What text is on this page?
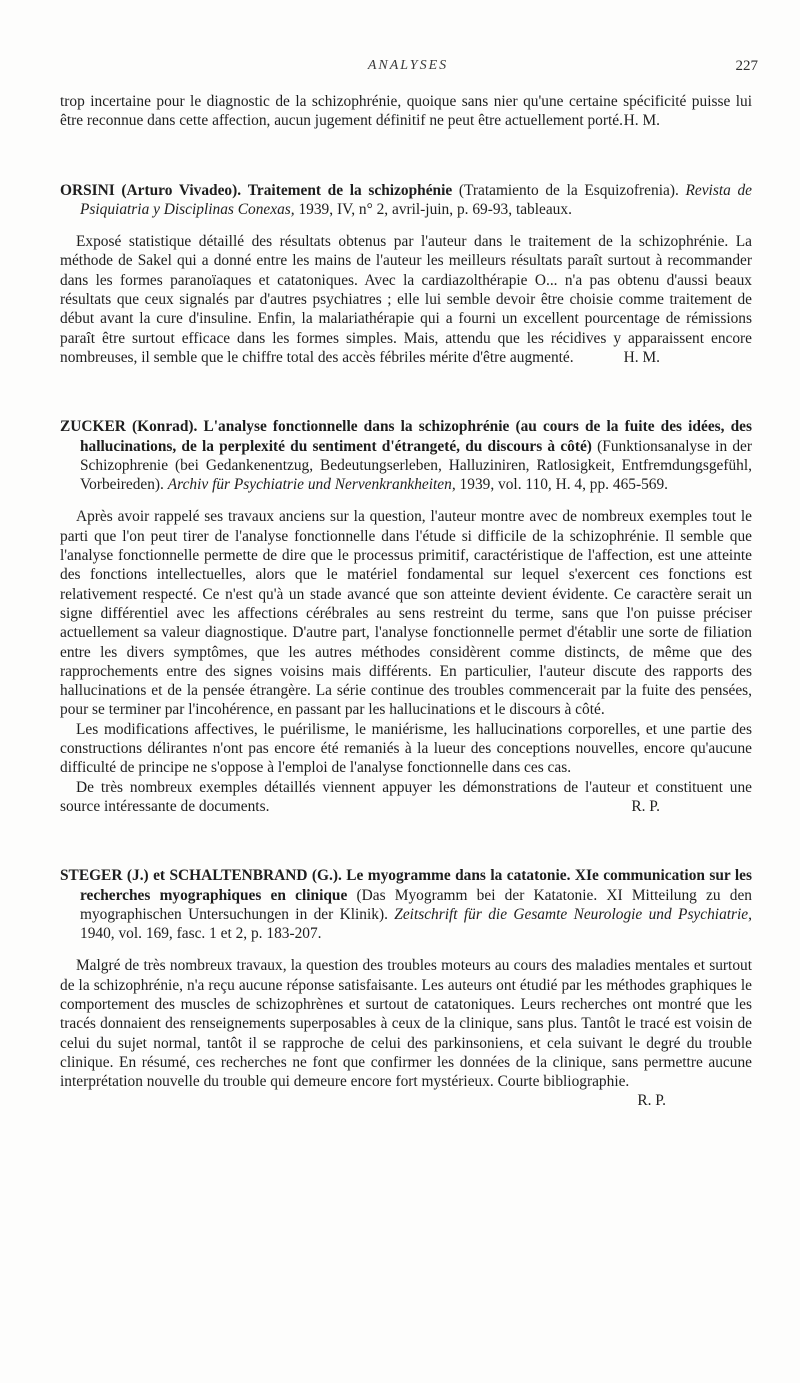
ANALYSES	227

trop incertaine pour le diagnostic de la schizophrénie, quoique sans nier qu'une certaine spécificité puisse lui être reconnue dans cette affection, aucun jugement définitif ne peut être actuellement porté. H. M.

ORSINI (Arturo Vivadeo). Traitement de la schizophénie (Tratamiento de la Esquizofrenia). Revista de Psiquiatria y Disciplinas Conexas, 1939, IV, n° 2, avril-juin, p. 69-93, tableaux.

Exposé statistique détaillé des résultats obtenus par l'auteur dans le traitement de la schizophrénie. La méthode de Sakel qui a donné entre les mains de l'auteur les meilleurs résultats paraît surtout à recommander dans les formes paranoïaques et catatoniques. Avec la cardiazolthérapie O... n'a pas obtenu d'aussi beaux résultats que ceux signalés par d'autres psychiatres ; elle lui semble devoir être choisie comme traitement de début avant la cure d'insuline. Enfin, la malariathérapie qui a fourni un excellent pourcentage de rémissions paraît être surtout efficace dans les formes simples. Mais, attendu que les récidives y apparaissent encore nombreuses, il semble que le chiffre total des accès fébriles mérite d'être augmenté.	H. M.

ZUCKER (Konrad). L'analyse fonctionnelle dans la schizophrénie (au cours de la fuite des idées, des hallucinations, de la perplexité du sentiment d'étrangeté, du discours à côté) (Funktionsanalyse in der Schizophrenie (bei Gedankenentzug, Bedeutungserleben, Halluziniren, Ratlosigkeit, Entfremdungsgefühl, Vorbeireden). Archiv für Psychiatrie und Nervenkrankheiten, 1939, vol. 110, H. 4, pp. 465-569.

Après avoir rappelé ses travaux anciens sur la question, l'auteur montre avec de nombreux exemples tout le parti que l'on peut tirer de l'analyse fonctionnelle dans l'étude si difficile de la schizophrénie. Il semble que l'analyse fonctionnelle permette de dire que le processus primitif, caractéristique de l'affection, est une atteinte des fonctions intellectuelles, alors que le matériel fondamental sur lequel s'exercent ces fonctions est relativement respecté. Ce n'est qu'à un stade avancé que son atteinte devient évidente. Ce caractère serait un signe différentiel avec les affections cérébrales au sens restreint du terme, sans que l'on puisse préciser actuellement sa valeur diagnostique. D'autre part, l'analyse fonctionnelle permet d'établir une sorte de filiation entre les divers symptômes, que les autres méthodes considèrent comme distincts, de même que des rapprochements entre des signes voisins mais différents. En particulier, l'auteur discute des rapports des hallucinations et de la pensée étrangère. La série continue des troubles commencerait par la fuite des pensées, pour se terminer par l'incohérence, en passant par les hallucinations et le discours à côté.

Les modifications affectives, le puérilisme, le maniérisme, les hallucinations corporelles, et une partie des constructions délirantes n'ont pas encore été remaniés à la lueur des conceptions nouvelles, encore qu'aucune difficulté de principe ne s'oppose à l'emploi de l'analyse fonctionnelle dans ces cas.

De très nombreux exemples détaillés viennent appuyer les démonstrations de l'auteur et constituent une source intéressante de documents.	R. P.

STEGER (J.) et SCHALTENBRAND (G.). Le myogramme dans la catatonie. XIe communication sur les recherches myographiques en clinique (Das Myogramm bei der Katatonie. XI Mitteilung zu den myographischen Untersuchungen in der Klinik). Zeitschrift für die Gesamte Neurologie und Psychiatrie, 1940, vol. 169, fasc. 1 et 2, p. 183-207.

Malgré de très nombreux travaux, la question des troubles moteurs au cours des maladies mentales et surtout de la schizophrénie, n'a reçu aucune réponse satisfaisante. Les auteurs ont étudié par les méthodes graphiques le comportement des muscles de schizophrènes et surtout de catatoniques. Leurs recherches ont montré que les tracés donnaient des renseignements superposables à ceux de la clinique, sans plus. Tantôt le tracé est voisin de celui du sujet normal, tantôt il se rapproche de celui des parkinsoniens, et cela suivant le degré du trouble clinique. En résumé, ces recherches ne font que confirmer les données de la clinique, sans permettre aucune interprétation nouvelle du trouble qui demeure encore fort mystérieux. Courte bibliographie.

R. P.
